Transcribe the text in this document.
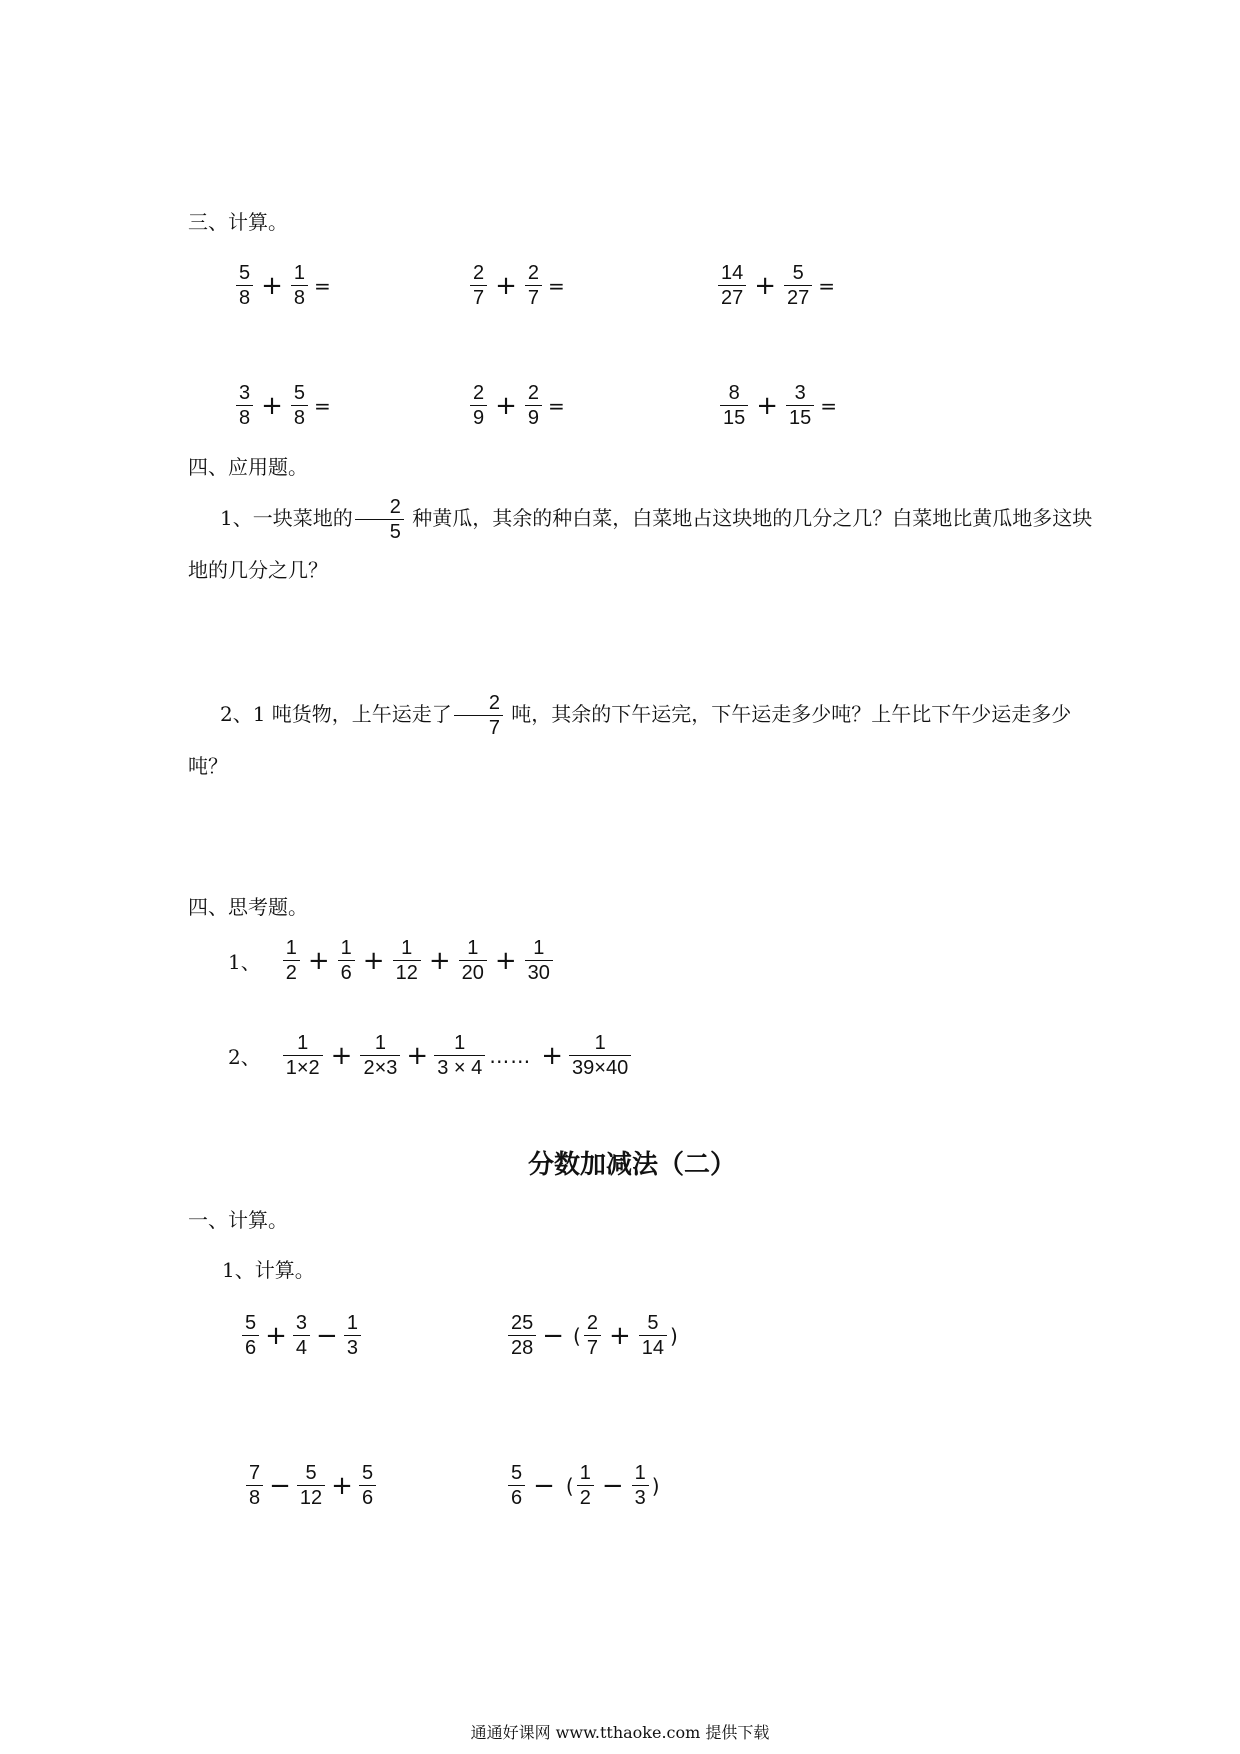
三、计算。
$\frac{5}{8} + \frac{1}{8}$ =	$\frac{2}{7} + \frac{2}{7}$ =	$\frac{14}{27} + \frac{5}{27}$ =
$\frac{3}{8} + \frac{5}{8}$ =	$\frac{2}{9} + \frac{2}{9}$ =	$\frac{8}{15} + \frac{3}{15}$ =
四、应用题。
1、一块菜地的 $\frac{2}{5}$ 种黄瓜，其余的种白菜，白菜地占这块地的几分之几？白菜地比黄瓜地多这块地的几分之几？
2、1 吨货物，上午运走了 $\frac{2}{7}$ 吨，其余的下午运完，下午运走多少吨？上午比下午少运走多少吨？
四、思考题。
1、 $\frac{1}{2} + \frac{1}{6} + \frac{1}{12} + \frac{1}{20} + \frac{1}{30}$
2、 $\frac{1}{1\times 2} + \frac{1}{2\times 3} + \frac{1}{3 \times 4}$ …… + $\frac{1}{39\times 40}$
分数加减法（二）
一、计算。
1、计算。
$\frac{5}{6} + \frac{3}{4} - \frac{1}{3}$	$\frac{25}{28}$ − ( $\frac{2}{7} + \frac{5}{14}$ )
$\frac{7}{8} - \frac{5}{12} + \frac{5}{6}$	$\frac{5}{6}$ − ( $\frac{1}{2} - \frac{1}{3}$ )
通通好课网 www.tthaoke.com 提供下载
